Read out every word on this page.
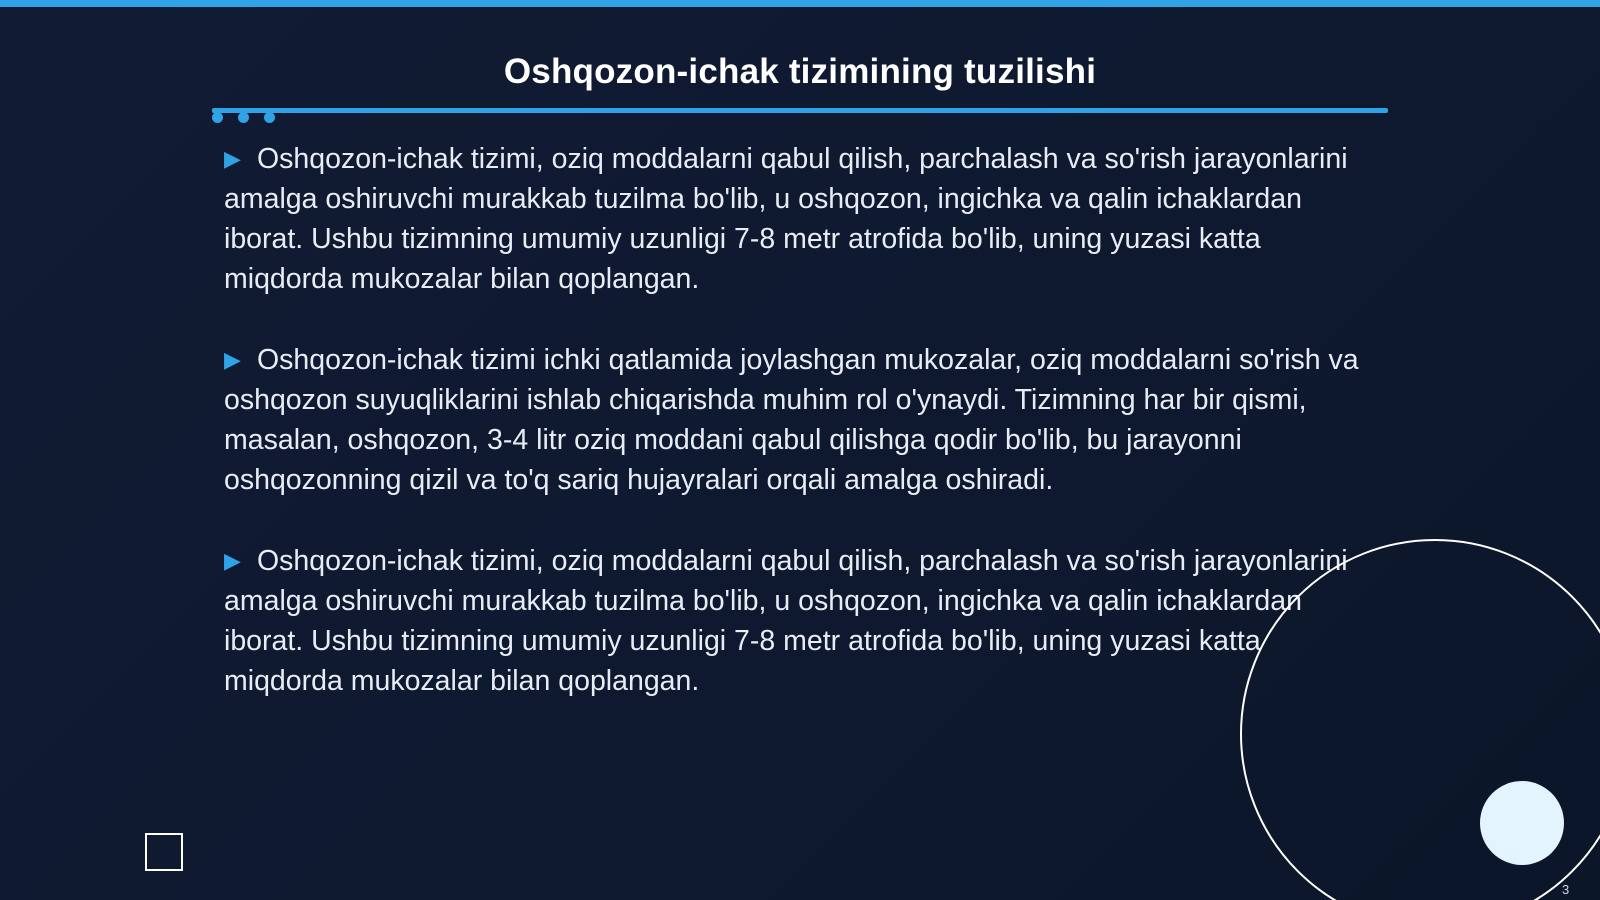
Oshqozon-ichak tizimining tuzilishi

▶ Oshqozon-ichak tizimi, oziq moddalarni qabul qilish, parchalash va so'rish jarayonlarini amalga oshiruvchi murakkab tuzilma bo'lib, u oshqozon, ingichka va qalin ichaklardan iborat. Ushbu tizimning umumiy uzunligi 7-8 metr atrofida bo'lib, uning yuzasi katta miqdorda mukozalar bilan qoplangan.

▶ Oshqozon-ichak tizimi ichki qatlamida joylashgan mukozalar, oziq moddalarni so'rish va oshqozon suyuqliklarini ishlab chiqarishda muhim rol o'ynaydi. Tizimning har bir qismi, masalan, oshqozon, 3-4 litr oziq moddani qabul qilishga qodir bo'lib, bu jarayonni oshqozonning qizil va to'q sariq hujayralari orqali amalga oshiradi.

▶ Oshqozon-ichak tizimi, oziq moddalarni qabul qilish, parchalash va so'rish jarayonlarini amalga oshiruvchi murakkab tuzilma bo'lib, u oshqozon, ingichka va qalin ichaklardan iborat. Ushbu tizimning umumiy uzunligi 7-8 metr atrofida bo'lib, uning yuzasi katta miqdorda mukozalar bilan qoplangan.

3
